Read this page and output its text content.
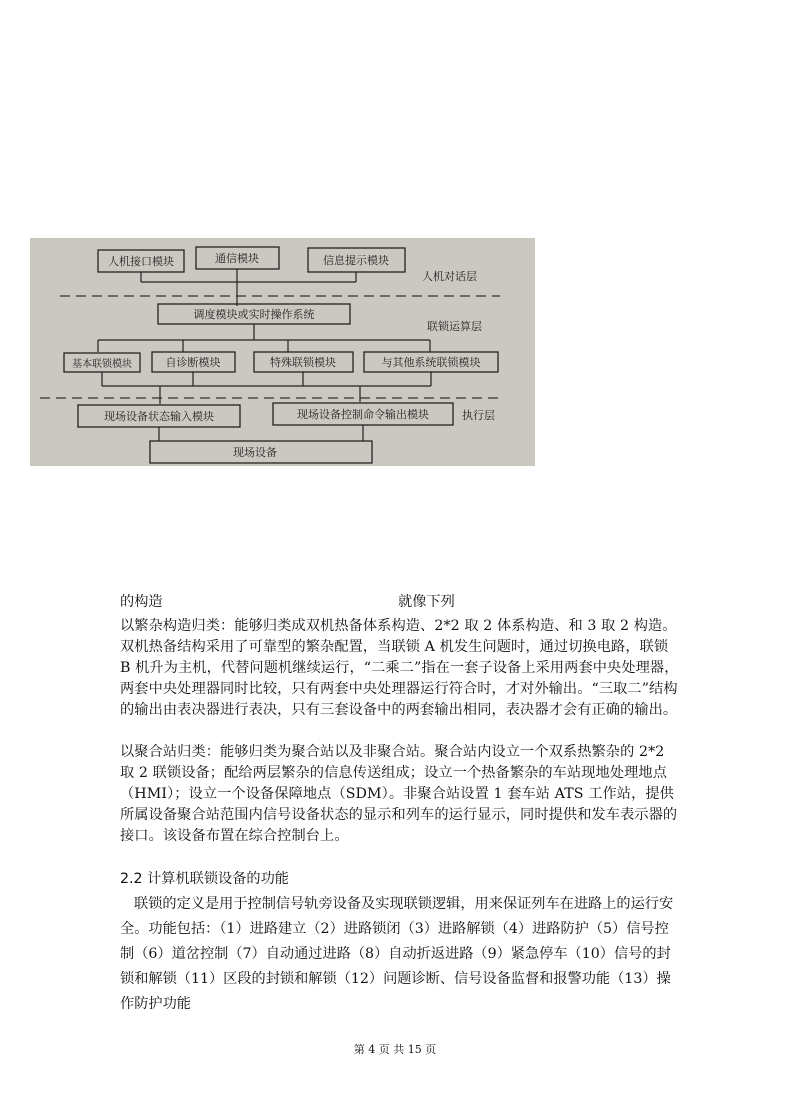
人机接口模块	通信模块	信息提示模块
人机对话层
调度模块或实时操作系统
联锁运算层
基本联锁模块	自诊断模块	特殊联锁模块	与其他系统联锁模块
现场设备状态输入模块	现场设备控制命令输出模块	执行层
现场设备
的构造	就像下列

以繁杂构造归类：能够归类成双机热备体系构造、2*2 取 2 体系构造、和 3 取 2 构造。双机热备结构采用了可靠型的繁杂配置，当联锁 A 机发生问题时，通过切换电路，联锁 B 机升为主机，代替问题机继续运行，“二乘二”指在一套子设备上采用两套中央处理器，两套中央处理器同时比较，只有两套中央处理器运行符合时，才对外输出。“三取二”结构的输出由表决器进行表决，只有三套设备中的两套输出相同，表决器才会有正确的输出。

以聚合站归类：能够归类为聚合站以及非聚合站。聚合站内设立一个双系热繁杂的 2*2 取 2 联锁设备；配给两层繁杂的信息传送组成；设立一个热备繁杂的车站现地处理地点（HMI）；设立一个设备保障地点（SDM）。非聚合站设置 1 套车站 ATS 工作站，提供所属设备聚合站范围内信号设备状态的显示和列车的运行显示，同时提供和发车表示器的接口。该设备布置在综合控制台上。

2.2 计算机联锁设备的功能

联锁的定义是用于控制信号轨旁设备及实现联锁逻辑，用来保证列车在进路上的运行安全。功能包括：（1）进路建立（2）进路锁闭（3）进路解锁（4）进路防护（5）信号控制（6）道岔控制（7）自动通过进路（8）自动折返进路（9）紧急停车（10）信号的封锁和解锁（11）区段的封锁和解锁（12）问题诊断、信号设备监督和报警功能（13）操作防护功能

第 4 页 共 15 页
